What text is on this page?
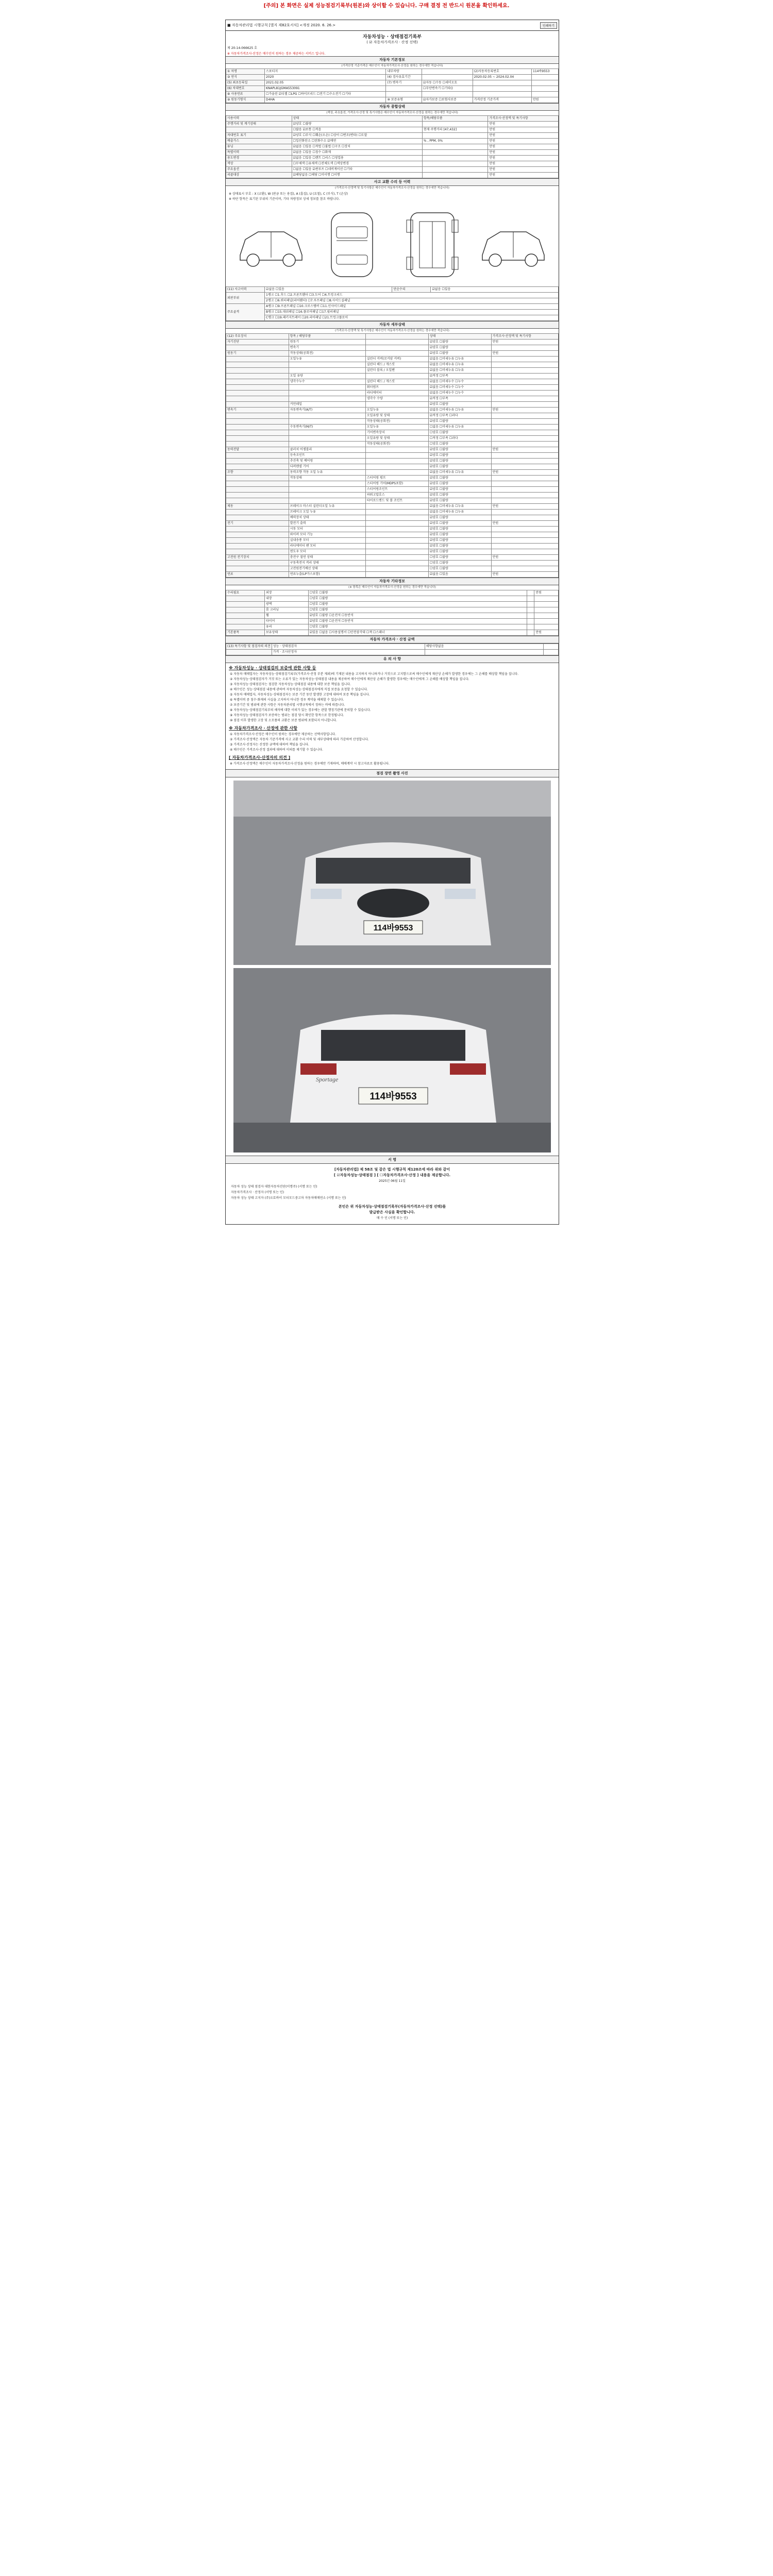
[주의] 본 화면은 실제 성능점검기록부(원본)와 상이할 수 있습니다. 구매 결정 전 반드시 원본을 확인하세요.
■ 자동차관리법 시행규칙 [별지 제82호서식] <개정 2020. 6. 26.>	인쇄하기
자동차성능 · 상태점검기록부
( ☑ 자동차가격조사 · 산정 선택)
제 20-14-066625 호
※ 자동차가격조사·산정은 매수인이 원하는 경우 제공하는 서비스 입니다.
자동차 기본정보
(가격산정 기준가격은 매수인이 자동차가격조사·산정을 원하는 경우에만 적습니다)
① 차명	스포티지	내부차량		(2)자동차등록번호	114바9553
③ 연식	2020	(4) 검사유효기간		2020.02.05 ~ 2024.02.04	
(5) 최초등록일	2021.02.05	(7) 변속기	☑자동 ☐수동 ☐세미오토		
(6) 차대번호	KNAPL81JGMA553091		☐무단변속기 ☐기타()		
⑧ 사용연료	☐가솔린 ☑디젤 ☐LPG ☐하이브리드 ☐전기 ☐수소전기 ☐기타				
⑨ 원동기형식	D4HA	⑩ 보증유형	☑자가보증 ☐보험사보증	가격산정 기준가격	만원
자동차 종합상태
(색상, 주요옵션, 가격조사·산정 및 특기사항은 매수인이 자동차가격조사·산정을 원하는 경우에만 적습니다)
사용이력	상태	항목/해당부품	가격조사·산정액 및 특기사항
주행거리 및 계기상태	☑양호 ☐불량		만원
	☐많음 ☑보통 ☐적음	현재 주행거리 [47,432]	만원
차대번호 표기	☑양호 ☐부식 ☐훼손(오손) ☐상이 ☐변조(변타) ☐도말		만원
배출가스	☐일산화탄소 ☐탄화수소 ☑매연	% , PPM, 0%	만원
튜닝	☑없음 ☐있음 ☐적법 ☐불법 ☐구조 ☐장치		만원
특별이력	☑없음 ☐있음 ☐침수 ☐화재		만원
용도변경	☑없음 ☐있음 ☐렌트 ☐리스 ☐영업용		만원
색상	☐무채색 ☐유채색 ☐전체도색 ☐색상변경		만원
주요옵션	☐없음 ☐있음 ☑썬루프 ☐네비게이션 ☐기타		만원
리콜대상	☑해당없음 ☐해당 ☐미이행 ☐이행		만원
사고 교환 수리 등 이력
(가격조사·산정액 및 특기사항은 매수인이 자동차가격조사·산정을 원하는 경우에만 적습니다)
※ 상태표시 부호 : X (교환), W (판금 또는 용접), A (흠집), U (요철), C (부식), T (손상)
※ 하단 항목은 표기된 부위의 기준이며, 기타 차량정보 상세 정보를 참조 바랍니다.
(11) 사고이력	☑없음 ☐있음	단순수리	☑없음 ☐있음
외판부위	1랭크 ☐1.후드 ☐2.프론트휀더 ☐3.도어 ☐4.트렁크리드		
	2랭크 ☐6.쿼터패널(리어휀더) ☐7.루프패널 ☐8.사이드실패널		
주요골격	A랭크 ☐9.프론트패널 ☐10.크로스멤버 ☐11.인사이드패널		
	B랭크 ☐15.대쉬패널 ☐16.플로어패널 ☐17.필러패널		
	C랭크 ☐19.패키지트레이 ☐20.리어패널 ☐21.트렁크플로어		
자동차 세부상태
(가격조사·산정액 및 특기사항은 매수인이 자동차가격조사·산정을 원하는 경우에만 적습니다)
(12) 주요장치	항목 / 해당부품		상태	가격조사·산정액 및 특기사항
자기진단	원동기		☑양호 ☐불량	만원
	변속기		☑양호 ☐불량	
원동기	작동상태(공회전)		☑양호 ☐불량	만원
	오일누유	실린더 커버(로커암 커버)	☑없음 ☐미세누유 ☐누유	
		실린더 헤드 / 개스킷	☑없음 ☐미세누유 ☐누유	
		실린더 블록 / 오일팬	☑없음 ☐미세누유 ☐누유	
	오일 유량		☑적정 ☐부족	
	냉각수누수	실린더 헤드 / 개스킷	☑없음 ☐미세누수 ☐누수	
		워터펌프	☑없음 ☐미세누수 ☐누수	
		라디에이터	☑없음 ☐미세누수 ☐누수	
		냉각수 수량	☑적정 ☐부족	
	커먼레일		☑양호 ☐불량	
변속기	자동변속기(A/T)	오일누유	☑없음 ☐미세누유 ☐누유	만원
		오일유량 및 상태	☑적정 ☐부족 ☐과다	
		작동상태(공회전)	☑양호 ☐불량	
	수동변속기(M/T)	오일누유	☐없음 ☐미세누유 ☐누유	
		기어변속장치	☐양호 ☐불량	
		오일유량 및 상태	☐적정 ☐부족 ☐과다	
		작동상태(공회전)	☐양호 ☐불량	
동력전달	클러치 어셈블리		☑양호 ☐불량	만원
	등속조인트		☑양호 ☐불량	
	추진축 및 베어링		☑양호 ☐불량	
	디퍼렌셜 기어		☑양호 ☐불량	
조향	동력조향 작동 오일 누유		☑없음 ☐미세누유 ☐누유	만원
	작동상태	스티어링 펌프	☑양호 ☐불량	
		스티어링 기어(MDPS포함)	☑양호 ☐불량	
		스티어링조인트	☑양호 ☐불량	
		파워고압호스	☑양호 ☐불량	
		타이로드엔드 및 볼 조인트	☑양호 ☐불량	
제동	브레이크 마스터 실린더오일 누유		☑없음 ☐미세누유 ☐누유	만원
	브레이크 오일 누유		☑없음 ☐미세누유 ☐누유	
	배력장치 상태		☑양호 ☐불량	
전기	발전기 출력		☑양호 ☐불량	만원
	시동 모터		☑양호 ☐불량	
	와이퍼 모터 기능		☑양호 ☐불량	
	실내송풍 모터		☑양호 ☐불량	
	라디에이터 팬 모터		☑양호 ☐불량	
	윈도우 모터		☑양호 ☐불량	
고전원 전기장치	충전구 절연 상태		☐양호 ☐불량	만원
	구동축전지 격리 상태		☐양호 ☐불량	
	고전원전기배선 상태		☐양호 ☐불량	
연료	연료누출(LP가스포함)		☑없음 ☐있음	만원
자동차 기타정보
(※ 항목은 매수인이 자동차가격조사·산정을 원하는 경우에만 적습니다)
수리필요	외장	☐양호 ☐불량		만원
	내장	☐양호 ☐불량		
	광택	☐양호 ☐불량		
	룸 크리닝	☐양호 ☐불량		
	휠	☑양호 ☐불량 ☐운전석 ☐동반석		
	타이어	☑양호 ☐불량 ☐운전석 ☐동반석		
	유리	☐양호 ☐불량		
기본품목	보유상태	☑있음 ☐없음 ☐사용설명서 ☐안전삼각대 ☐잭 ☐스패너		만원
자동차 가격조사 · 산정 금액
(13) 특기사항 및 점검자의 의견	성능 · 상태점검자	해당사항없음	
	가격 · 조사산정자		
유 의 사 항
※ 자동차성능 · 상태점검의 보증에 관한 사항 등

① 자동차 매매업자는 자동차성능·상태점검기록부(가격조사·산정 부분 제외)에 기재된 내용을 고지하지 아니하거나 거짓으로 고지함으로써 매수인에게 재산상 손해가 발생한 경우에는 그 손해를 배상할 책임을 집니다.

② 자동차성능·상태점검자가 거짓 또는 오류가 있는 자동차성능·상태점검 내용을 제공하여 매수인에게 재산상 손해가 발생한 경우에는 매수인에게 그 손해를 배상할 책임을 집니다.

③ 자동차성능·상태점검자는 점검한 자동차성능·상태점검 내용에 대한 보증 책임을 집니다.

④ 매수인은 성능·상태점검 내용에 관하여 자동차성능·상태점검자에게 직접 보증을 요청할 수 있습니다.

⑤ 자동차 매매업자, 자동차성능·상태점검자는 보증 기간 동안 발생한 고장에 대하여 보증 책임을 집니다.

⑥ 특별이력 중 침수·화재의 사실을 고지하지 아니한 경우 계약을 해제할 수 있습니다.

⑦ 보증기간 및 범위에 관한 사항은 자동차관리법 시행규칙에서 정하는 바에 따릅니다.

⑧ 자동차성능·상태점검기록부의 해석에 대한 이의가 있는 경우에는 관할 행정기관에 문의할 수 있습니다.

⑨ 자동차성능·상태점검자가 보증하는 범위는 점검 당시 확인한 항목으로 한정됩니다.

⑩ 점검 이후 발생한 고장 및 소모품의 교환은 보증 범위에 포함되지 아니합니다.

※ 자동차가격조사 · 산정에 관한 사항

① 자동차가격조사·산정은 매수인이 원하는 경우에만 제공하는 선택사항입니다.

② 가격조사·산정액은 자동차 기준가격에 사고 교환 수리 이력 및 세부상태에 따라 가감하여 산정합니다.

③ 가격조사·산정자는 산정한 금액에 대하여 책임을 집니다.

④ 매수인은 가격조사·산정 결과에 대하여 이의를 제기할 수 있습니다.

[ 자동차가격조사·산정자의 의견 ]
※ 가격조사·산정액은 매수인이 자동차가격조사·산정을 원하는 경우에만 기재하며, 매매계약 시 참고자료로 활용됩니다.
점검 장면 촬영 사진
114바9553
114바9553
Sportage
서 명
[자동차관리법] 제 58조 및 같은 법 시행규칙 제120조에 따라 위와 같이
[ ☑자동차성능·상태점검 ] [ ☐자동차가격조사·산정 ] 내용을 제공합니다.
2025년 06월 11일
자동차 성능 상태 점검자 대한자동차진단(이명주) (서명 또는 인)
자동차가격조사 · 산정자 (서명 또는 인)
자동차 성능 상태 고지자 (주)오토바이 모터모드중고차 자동차매매연소 (서명 또는 인)
본인은 위 자동차성능·상태점검기록부(자동차가격조사·산정 선택)를
발급받은 사실을 확인합니다.
매 수 인 (서명 또는 인)
